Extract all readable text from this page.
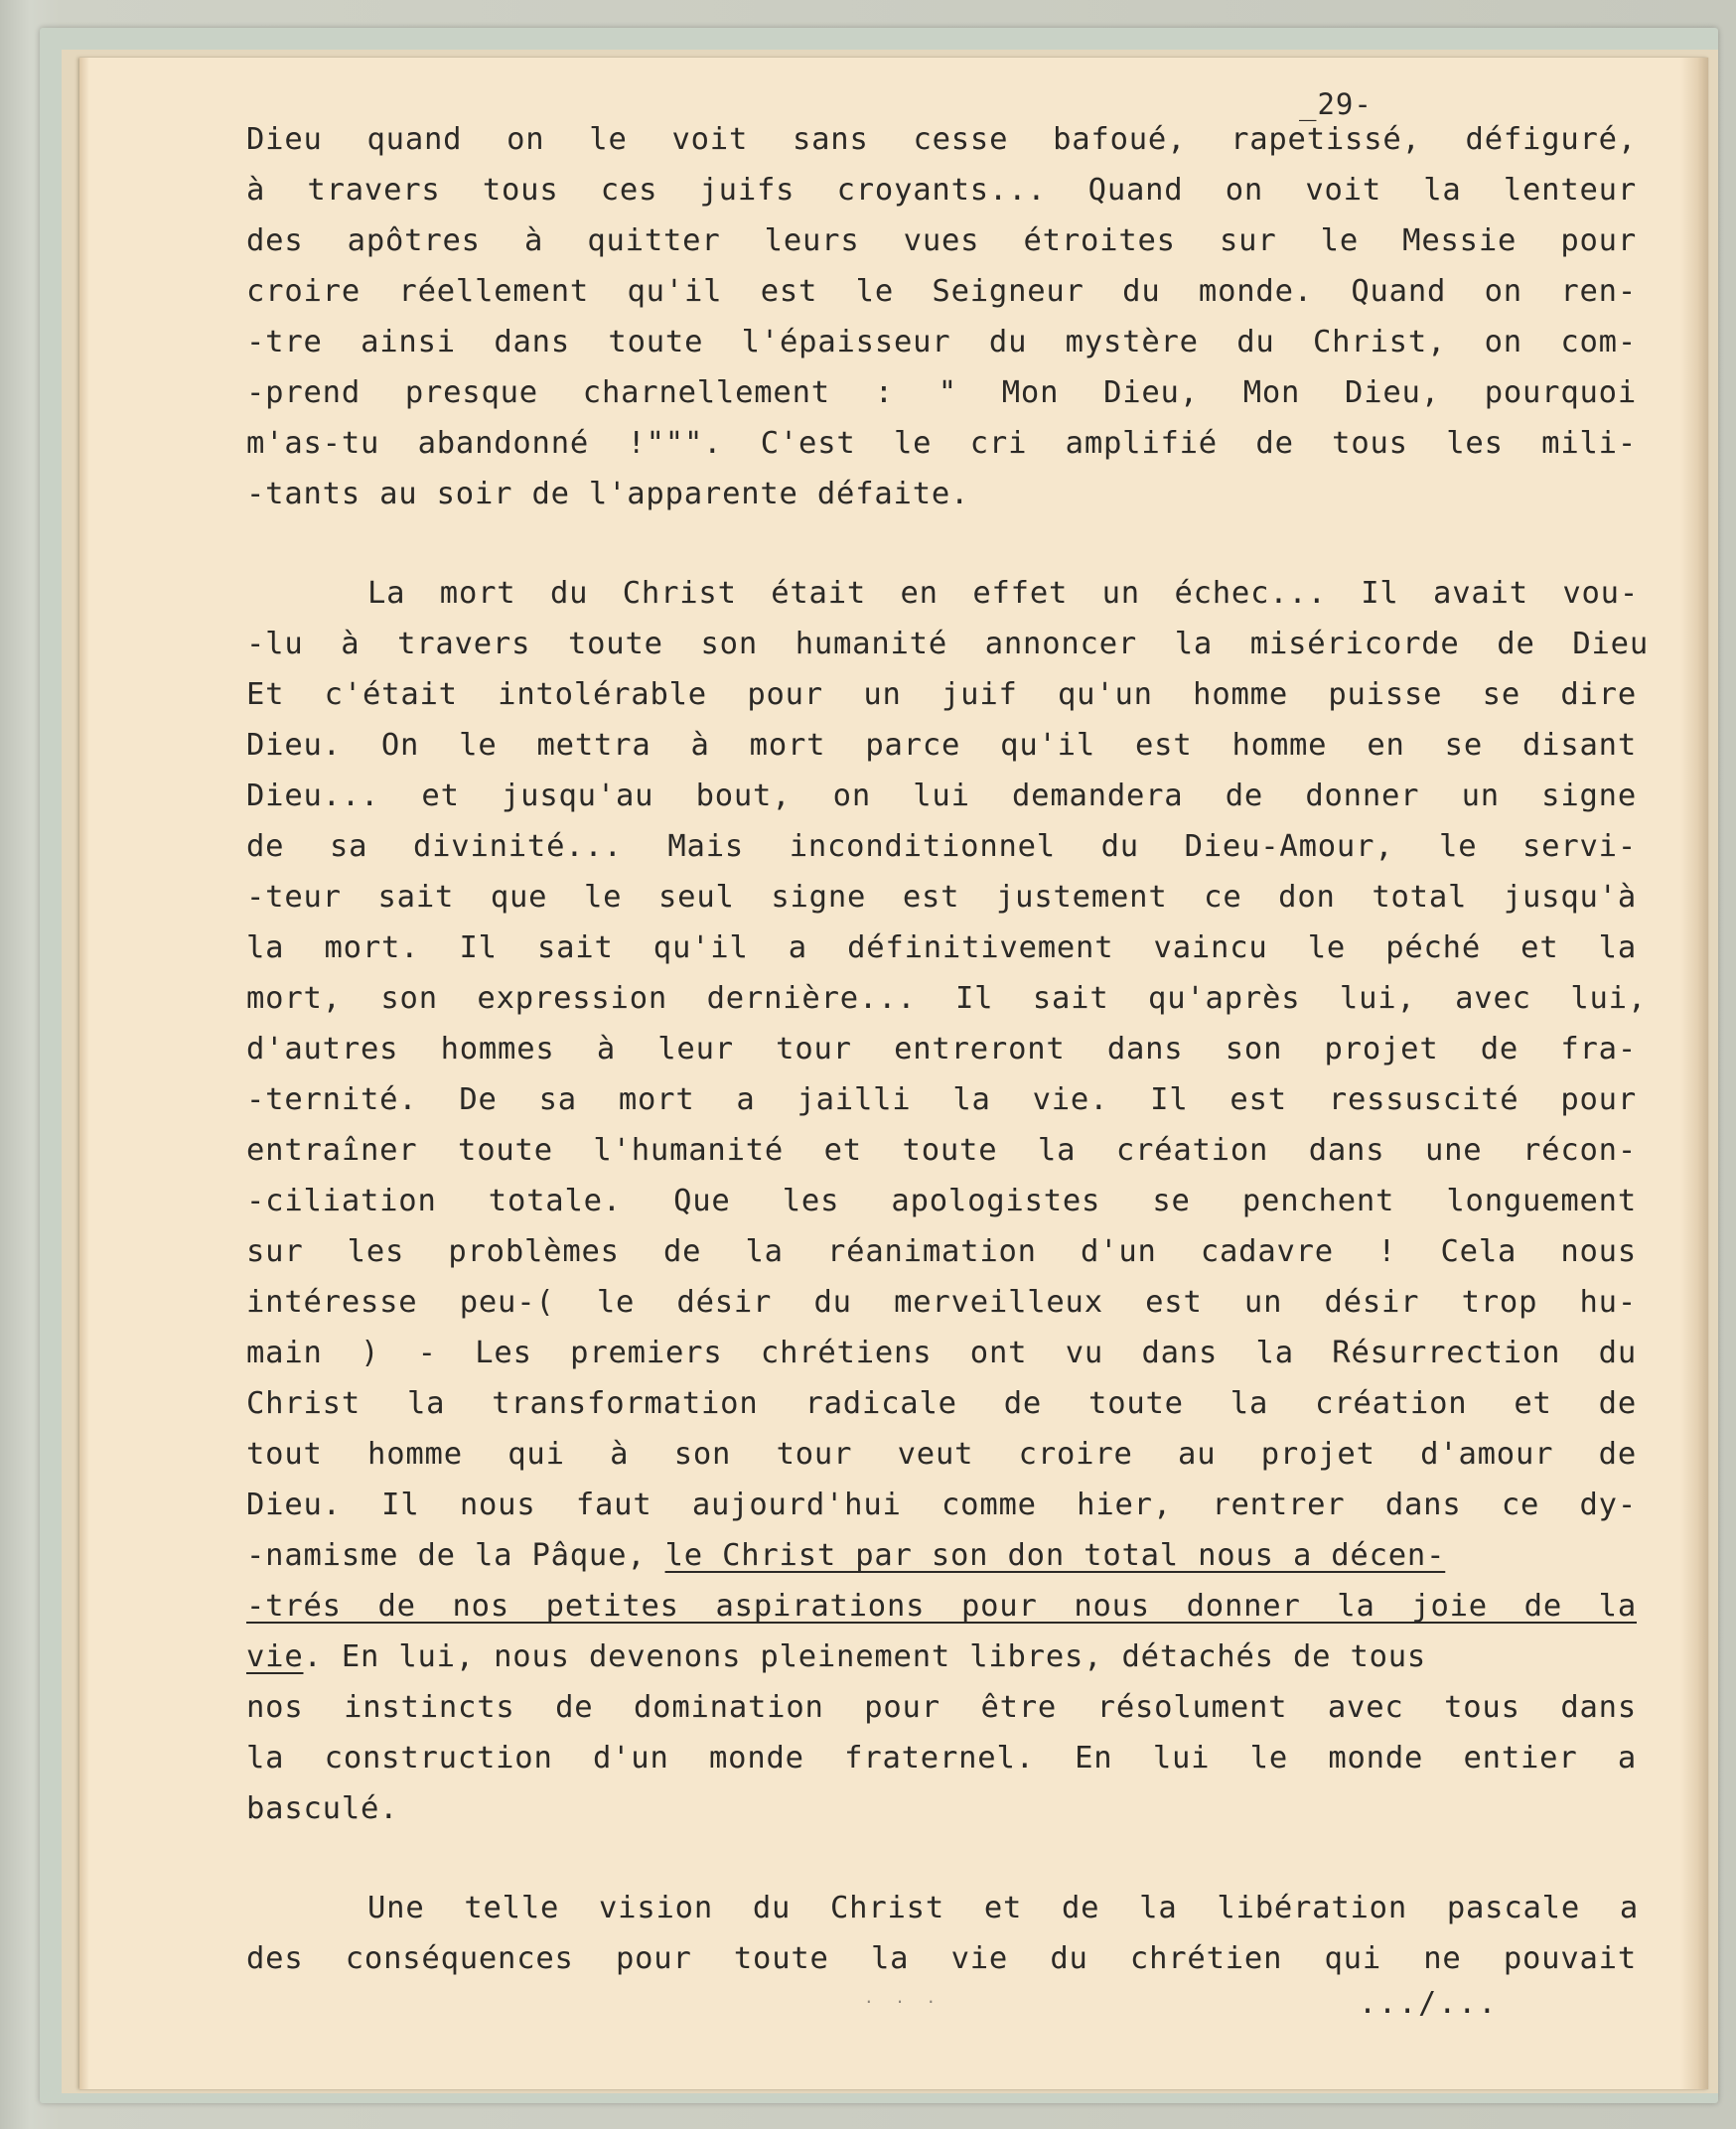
_29-
Dieu quand on le voit sans cesse bafoué, rapetissé, défiguré,
à travers tous ces juifs croyants... Quand on voit la lenteur
des apôtres à quitter leurs vues étroites sur le Messie pour
croire réellement qu'il est le Seigneur du monde. Quand on ren-
-tre ainsi dans toute l'épaisseur du mystère du Christ, on com-
-prend presque charnellement : " Mon Dieu, Mon Dieu, pourquoi
m'as-tu abandonné !""". C'est le cri amplifié de tous les mili-
-tants au soir de l'apparente défaite.
La mort du Christ était en effet un échec... Il avait vou-
-lu à travers toute son humanité annoncer la miséricorde de Dieu
Et c'était intolérable pour un juif qu'un homme puisse se dire
Dieu. On le mettra à mort parce qu'il est homme en se disant
Dieu... et jusqu'au bout, on lui demandera de donner un signe
de sa divinité... Mais inconditionnel du Dieu-Amour, le servi-
-teur sait que le seul signe est justement ce don total jusqu'à
la mort. Il sait qu'il a définitivement vaincu le péché et la
mort, son expression dernière... Il sait qu'après lui, avec lui,
d'autres hommes à leur tour entreront dans son projet de fra-
-ternité. De sa mort a jailli la vie. Il est ressuscité pour
entraîner toute l'humanité et toute la création dans une récon-
-ciliation totale. Que les apologistes se penchent longuement
sur les problèmes de la réanimation d'un cadavre ! Cela nous
intéresse peu-( le désir du merveilleux est un désir trop hu-
main ) - Les premiers chrétiens ont vu dans la Résurrection du
Christ la transformation radicale de toute la création et de
tout homme qui à son tour veut croire au projet d'amour de
Dieu. Il nous faut aujourd'hui comme hier, rentrer dans ce dy-
-namisme de la Pâque, le Christ par son don total nous a décen-
-trés de nos petites aspirations pour nous donner la joie de la
vie. En lui, nous devenons pleinement libres, détachés de tous
nos instincts de domination pour être résolument avec tous dans
la construction d'un monde fraternel. En lui le monde entier a
basculé.
Une telle vision du Christ et de la libération pascale a
des conséquences pour toute la vie du chrétien qui ne pouvait
. . .	.../...
